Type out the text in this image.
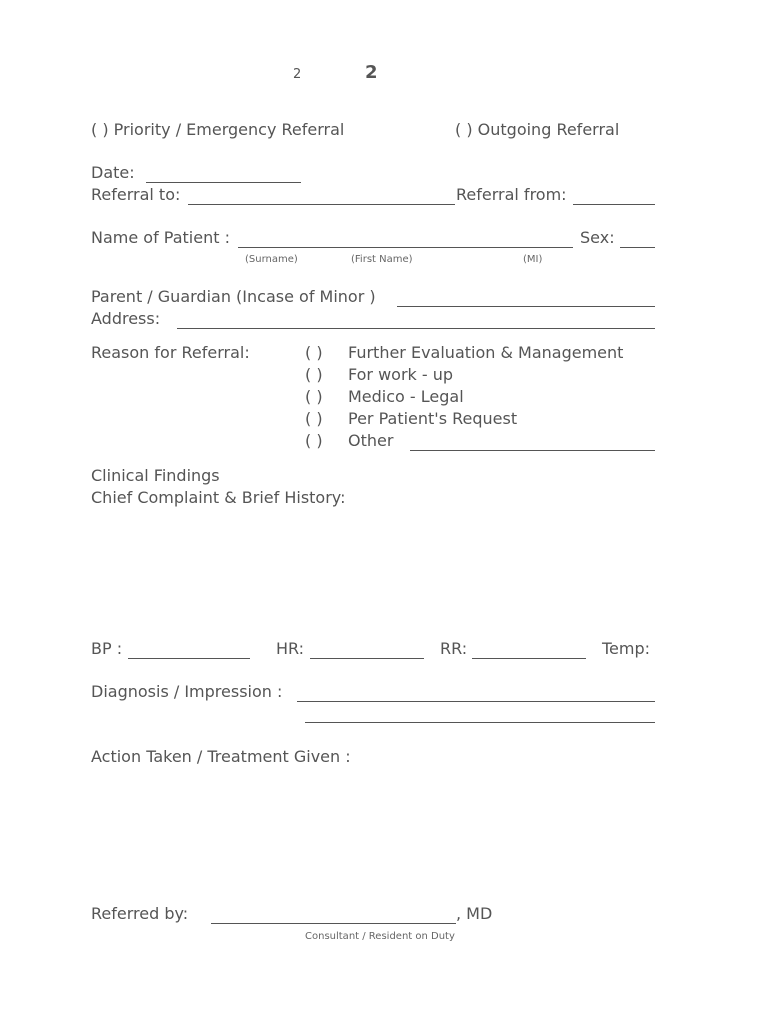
2	2
( ) Priority / Emergency Referral	( ) Outgoing Referral
Date:
Referral to:	Referral from:
Name of Patient :	Sex:
(Surname)	(First Name)	(MI)
Parent / Guardian (Incase of Minor )
Address:
Reason for Referral:	( ) Further Evaluation & Management
( ) For work - up
( ) Medico - Legal
( ) Per Patient's Request
( ) Other
Clinical Findings
Chief Complaint & Brief History:
BP :	HR:	RR:	Temp:
Diagnosis / Impression :
Action Taken / Treatment Given :
Referred by:	, MD
Consultant / Resident on Duty
